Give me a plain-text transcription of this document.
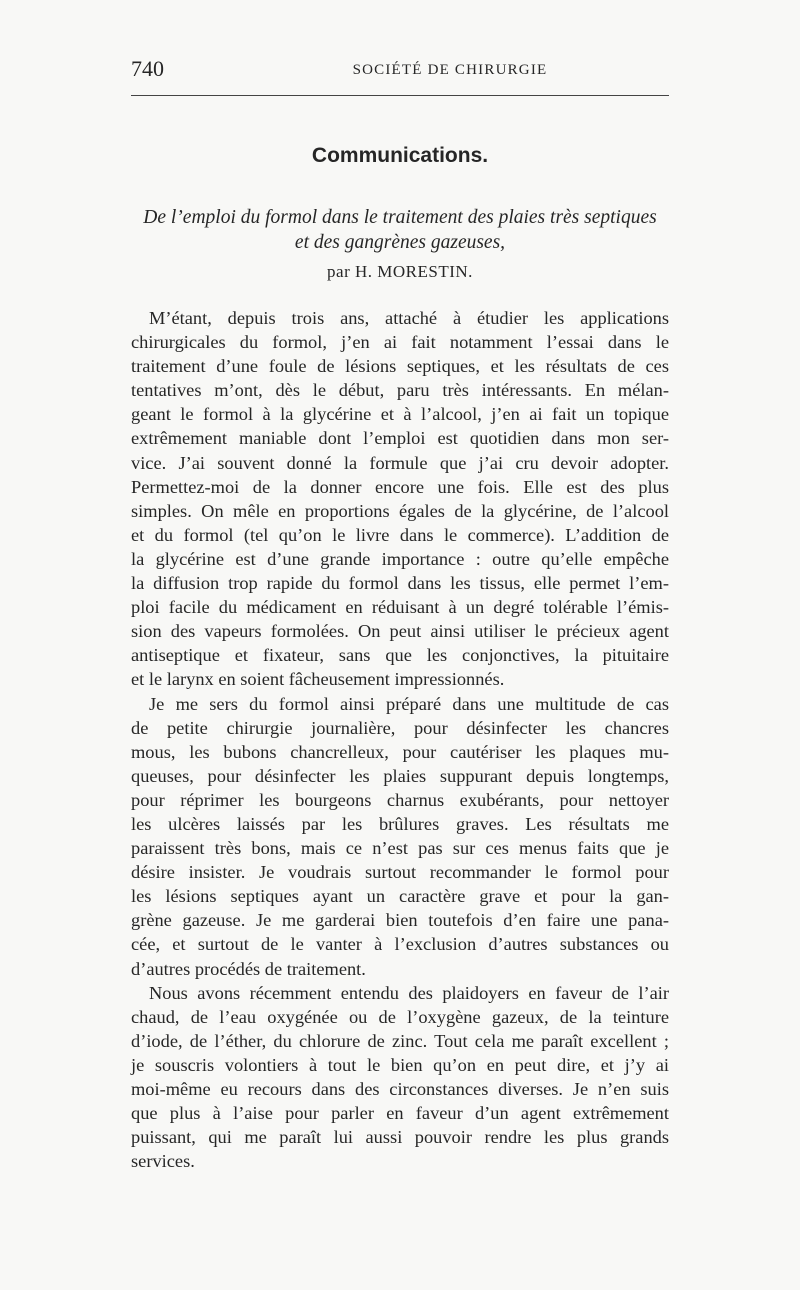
740	SOCIÉTÉ DE CHIRURGIE
Communications.
De l’emploi du formol dans le traitement des plaies très septiques
et des gangrènes gazeuses,
par H. MORESTIN.
M’étant, depuis trois ans, attaché à étudier les applications
chirurgicales du formol, j’en ai fait notamment l’essai dans le
traitement d’une foule de lésions septiques, et les résultats de ces
tentatives m’ont, dès le début, paru très intéressants. En mélan-
geant le formol à la glycérine et à l’alcool, j’en ai fait un topique
extrêmement maniable dont l’emploi est quotidien dans mon ser-
vice. J’ai souvent donné la formule que j’ai cru devoir adopter.
Permettez-moi de la donner encore une fois. Elle est des plus
simples. On mêle en proportions égales de la glycérine, de l’alcool
et du formol (tel qu’on le livre dans le commerce). L’addition de
la glycérine est d’une grande importance : outre qu’elle empêche
la diffusion trop rapide du formol dans les tissus, elle permet l’em-
ploi facile du médicament en réduisant à un degré tolérable l’émis-
sion des vapeurs formolées. On peut ainsi utiliser le précieux agent
antiseptique et fixateur, sans que les conjonctives, la pituitaire
et le larynx en soient fâcheusement impressionnés.
Je me sers du formol ainsi préparé dans une multitude de cas
de petite chirurgie journalière, pour désinfecter les chancres
mous, les bubons chancrelleux, pour cautériser les plaques mu-
queuses, pour désinfecter les plaies suppurant depuis longtemps,
pour réprimer les bourgeons charnus exubérants, pour nettoyer
les ulcères laissés par les brûlures graves. Les résultats me
paraissent très bons, mais ce n’est pas sur ces menus faits que je
désire insister. Je voudrais surtout recommander le formol pour
les lésions septiques ayant un caractère grave et pour la gan-
grène gazeuse. Je me garderai bien toutefois d’en faire une pana-
cée, et surtout de le vanter à l’exclusion d’autres substances ou
d’autres procédés de traitement.
Nous avons récemment entendu des plaidoyers en faveur de l’air
chaud, de l’eau oxygénée ou de l’oxygène gazeux, de la teinture
d’iode, de l’éther, du chlorure de zinc. Tout cela me paraît excellent ;
je souscris volontiers à tout le bien qu’on en peut dire, et j’y ai
moi-même eu recours dans des circonstances diverses. Je n’en suis
que plus à l’aise pour parler en faveur d’un agent extrêmement
puissant, qui me paraît lui aussi pouvoir rendre les plus grands
services.
